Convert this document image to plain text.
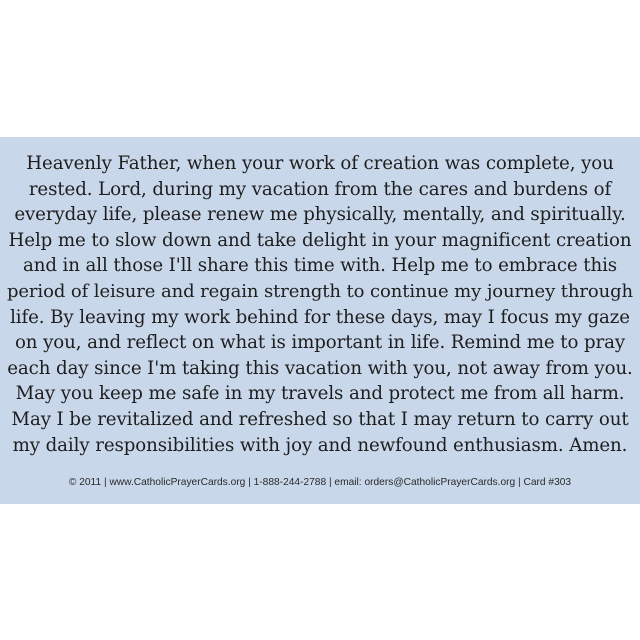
Heavenly Father, when your work of creation was complete, you
rested. Lord, during my vacation from the cares and burdens of
everyday life, please renew me physically, mentally, and spiritually.
Help me to slow down and take delight in your magnificent creation
and in all those I'll share this time with. Help me to embrace this
period of leisure and regain strength to continue my journey through
life. By leaving my work behind for these days, may I focus my gaze
on you, and reflect on what is important in life. Remind me to pray
each day since I'm taking this vacation with you, not away from you.
May you keep me safe in my travels and protect me from all harm.
May I be revitalized and refreshed so that I may return to carry out
my daily responsibilities with joy and newfound enthusiasm. Amen.

© 2011 | www.CatholicPrayerCards.org | 1-888-244-2788 | email: orders@CatholicPrayerCards.org | Card #303
